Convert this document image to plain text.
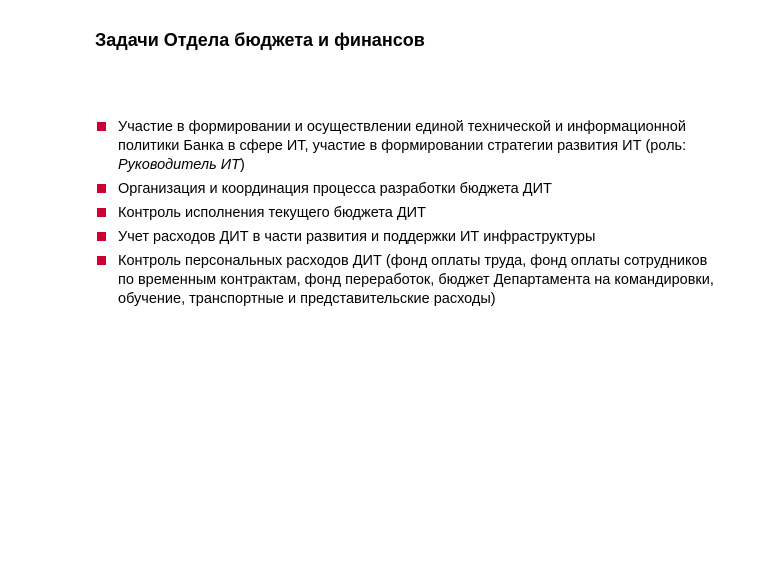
Задачи Отдела бюджета и финансов
Участие в формировании и осуществлении единой технической и информационной политики Банка в сфере ИТ, участие в формировании стратегии развития ИТ (роль: Руководитель ИТ)
Организация и координация процесса разработки бюджета ДИТ
Контроль исполнения текущего бюджета ДИТ
Учет расходов ДИТ в части развития и поддержки ИТ инфраструктуры
Контроль персональных расходов ДИТ (фонд оплаты труда, фонд оплаты сотрудников по временным контрактам, фонд переработок, бюджет Департамента на командировки, обучение, транспортные и представительские расходы)
